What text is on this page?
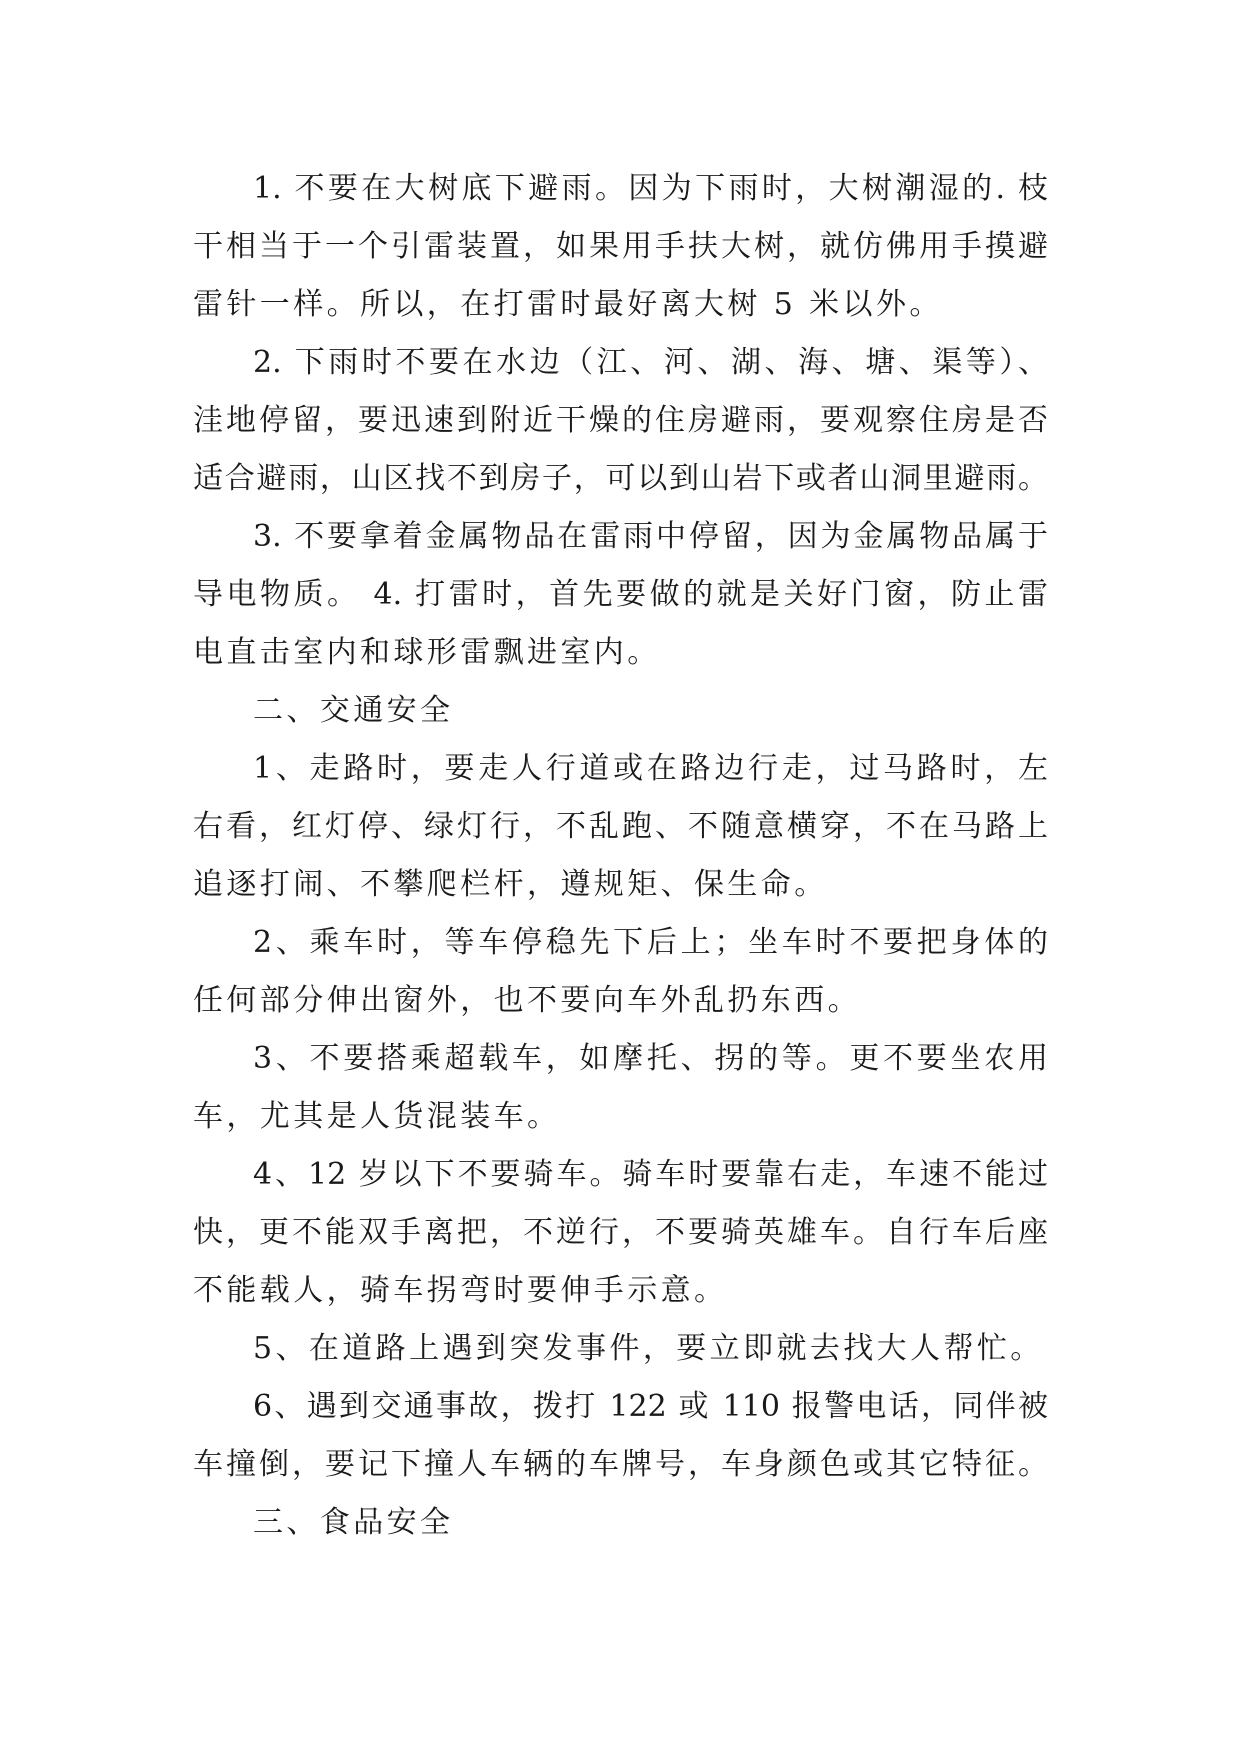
1. 不要在大树底下避雨。因为下雨时，大树潮湿的. 枝
干相当于一个引雷装置，如果用手扶大树，就仿佛用手摸避
雷针一样。所以，在打雷时最好离大树 5 米以外。
2. 下雨时不要在水边（江、河、湖、海、塘、渠等）、
洼地停留，要迅速到附近干燥的住房避雨，要观察住房是否
适合避雨，山区找不到房子，可以到山岩下或者山洞里避雨。
3. 不要拿着金属物品在雷雨中停留，因为金属物品属于
导电物质。 4. 打雷时，首先要做的就是关好门窗，防止雷
电直击室内和球形雷飘进室内。
二、交通安全
1、走路时，要走人行道或在路边行走，过马路时，左
右看，红灯停、绿灯行，不乱跑、不随意横穿，不在马路上
追逐打闹、不攀爬栏杆，遵规矩、保生命。
2、乘车时，等车停稳先下后上；坐车时不要把身体的
任何部分伸出窗外，也不要向车外乱扔东西。
3、不要搭乘超载车，如摩托、拐的等。更不要坐农用
车，尤其是人货混装车。
4、12 岁以下不要骑车。骑车时要靠右走，车速不能过
快，更不能双手离把，不逆行，不要骑英雄车。自行车后座
不能载人，骑车拐弯时要伸手示意。
5、在道路上遇到突发事件，要立即就去找大人帮忙。
6、遇到交通事故，拨打 122 或 110 报警电话，同伴被
车撞倒，要记下撞人车辆的车牌号，车身颜色或其它特征。
三、食品安全
